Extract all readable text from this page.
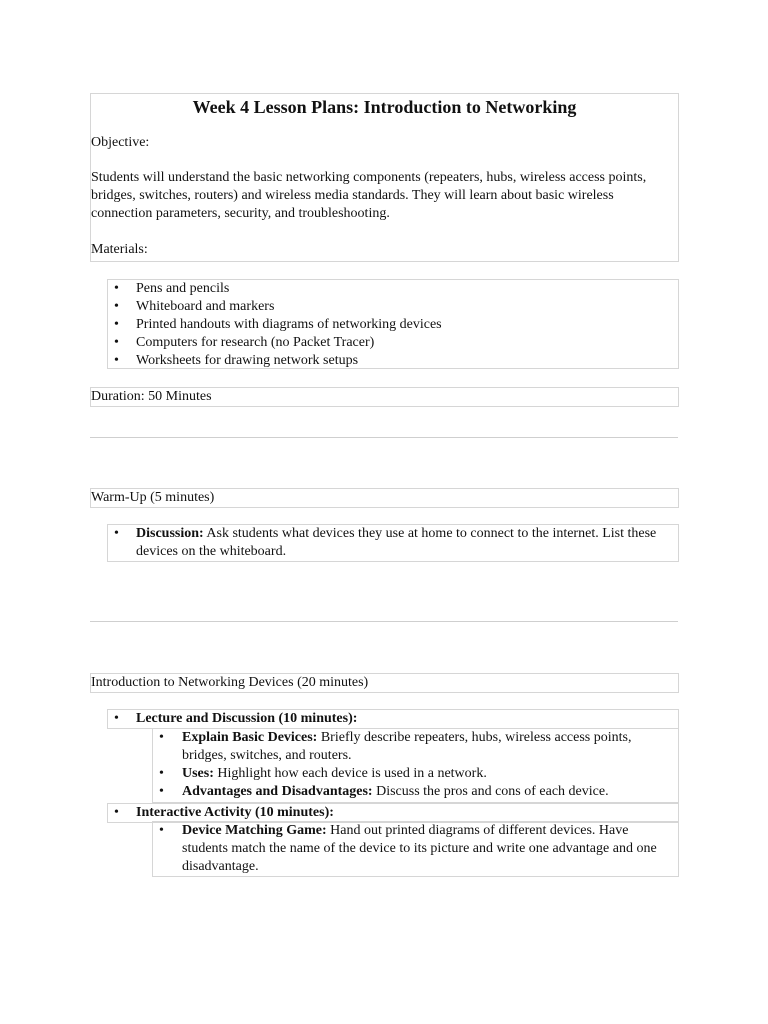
Week 4 Lesson Plans: Introduction to Networking

Objective:

Students will understand the basic networking components (repeaters, hubs, wireless access points, bridges, switches, routers) and wireless media standards. They will learn about basic wireless connection parameters, security, and troubleshooting.

Materials:

• Pens and pencils
• Whiteboard and markers
• Printed handouts with diagrams of networking devices
• Computers for research (no Packet Tracer)
• Worksheets for drawing network setups

Duration: 50 Minutes

Warm-Up (5 minutes)

• Discussion: Ask students what devices they use at home to connect to the internet. List these devices on the whiteboard.

Introduction to Networking Devices (20 minutes)

• Lecture and Discussion (10 minutes):
• Explain Basic Devices: Briefly describe repeaters, hubs, wireless access points, bridges, switches, and routers.
• Uses: Highlight how each device is used in a network.
• Advantages and Disadvantages: Discuss the pros and cons of each device.
• Interactive Activity (10 minutes):
• Device Matching Game: Hand out printed diagrams of different devices. Have students match the name of the device to its picture and write one advantage and one disadvantage.
